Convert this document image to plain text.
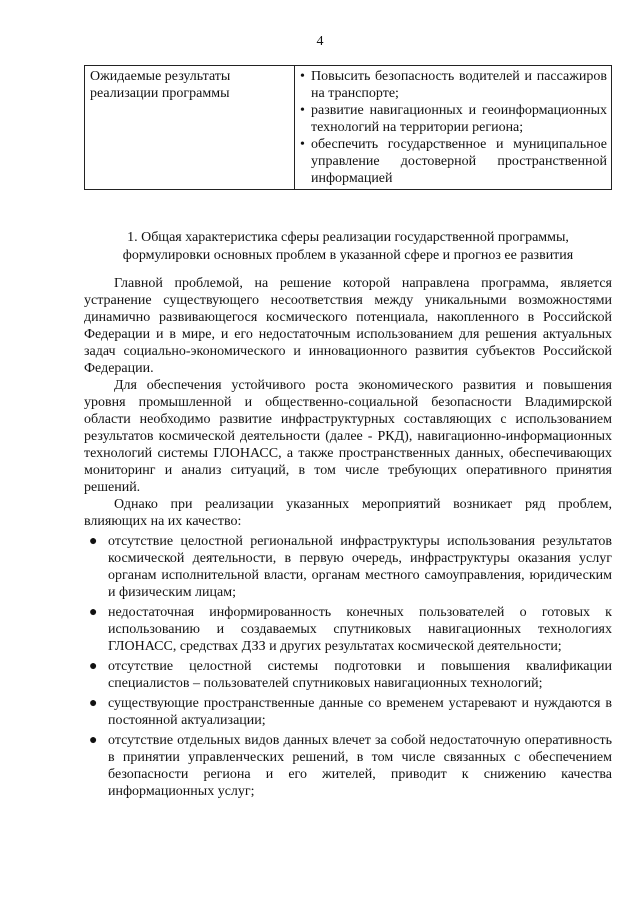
4
Ожидаемые результаты реализации программы	
• Повысить безопасность водителей и пассажиров на транспорте;
• развитие навигационных и геоинформационных технологий на территории региона;
• обеспечить государственное и муниципальное управление достоверной пространственной информацией
1. Общая характеристика сферы реализации государственной программы,
формулировки основных проблем в указанной сфере и прогноз ее развития

Главной проблемой, на решение которой направлена программа, является устранение существующего несоответствия между уникальными возможностями динамично развивающегося космического потенциала, накопленного в Российской Федерации и в мире, и его недостаточным использованием для решения актуальных задач социально-экономического и инновационного развития субъектов Российской Федерации.

Для обеспечения устойчивого роста экономического развития и повышения уровня промышленной и общественно-социальной безопасности Владимирской области необходимо развитие инфраструктурных составляющих с использованием результатов космической деятельности (далее - РКД), навигационно-информационных технологий системы ГЛОНАСС, а также пространственных данных, обеспечивающих мониторинг и анализ ситуаций, в том числе требующих оперативного принятия решений.

Однако при реализации указанных мероприятий возникает ряд проблем, влияющих на их качество:

● отсутствие целостной региональной инфраструктуры использования результатов космической деятельности, в первую очередь, инфраструктуры оказания услуг органам исполнительной власти, органам местного самоуправления, юридическим и физическим лицам;
● недостаточная информированность конечных пользователей о готовых к использованию и создаваемых спутниковых навигационных технологиях ГЛОНАСС, средствах ДЗЗ и других результатах космической деятельности;
● отсутствие целостной системы подготовки и повышения квалификации специалистов – пользователей спутниковых навигационных технологий;
● существующие пространственные данные со временем устаревают и нуждаются в постоянной актуализации;
● отсутствие отдельных видов данных влечет за собой недостаточную оперативность в принятии управленческих решений, в том числе связанных с обеспечением безопасности региона и его жителей, приводит к снижению качества информационных услуг;
